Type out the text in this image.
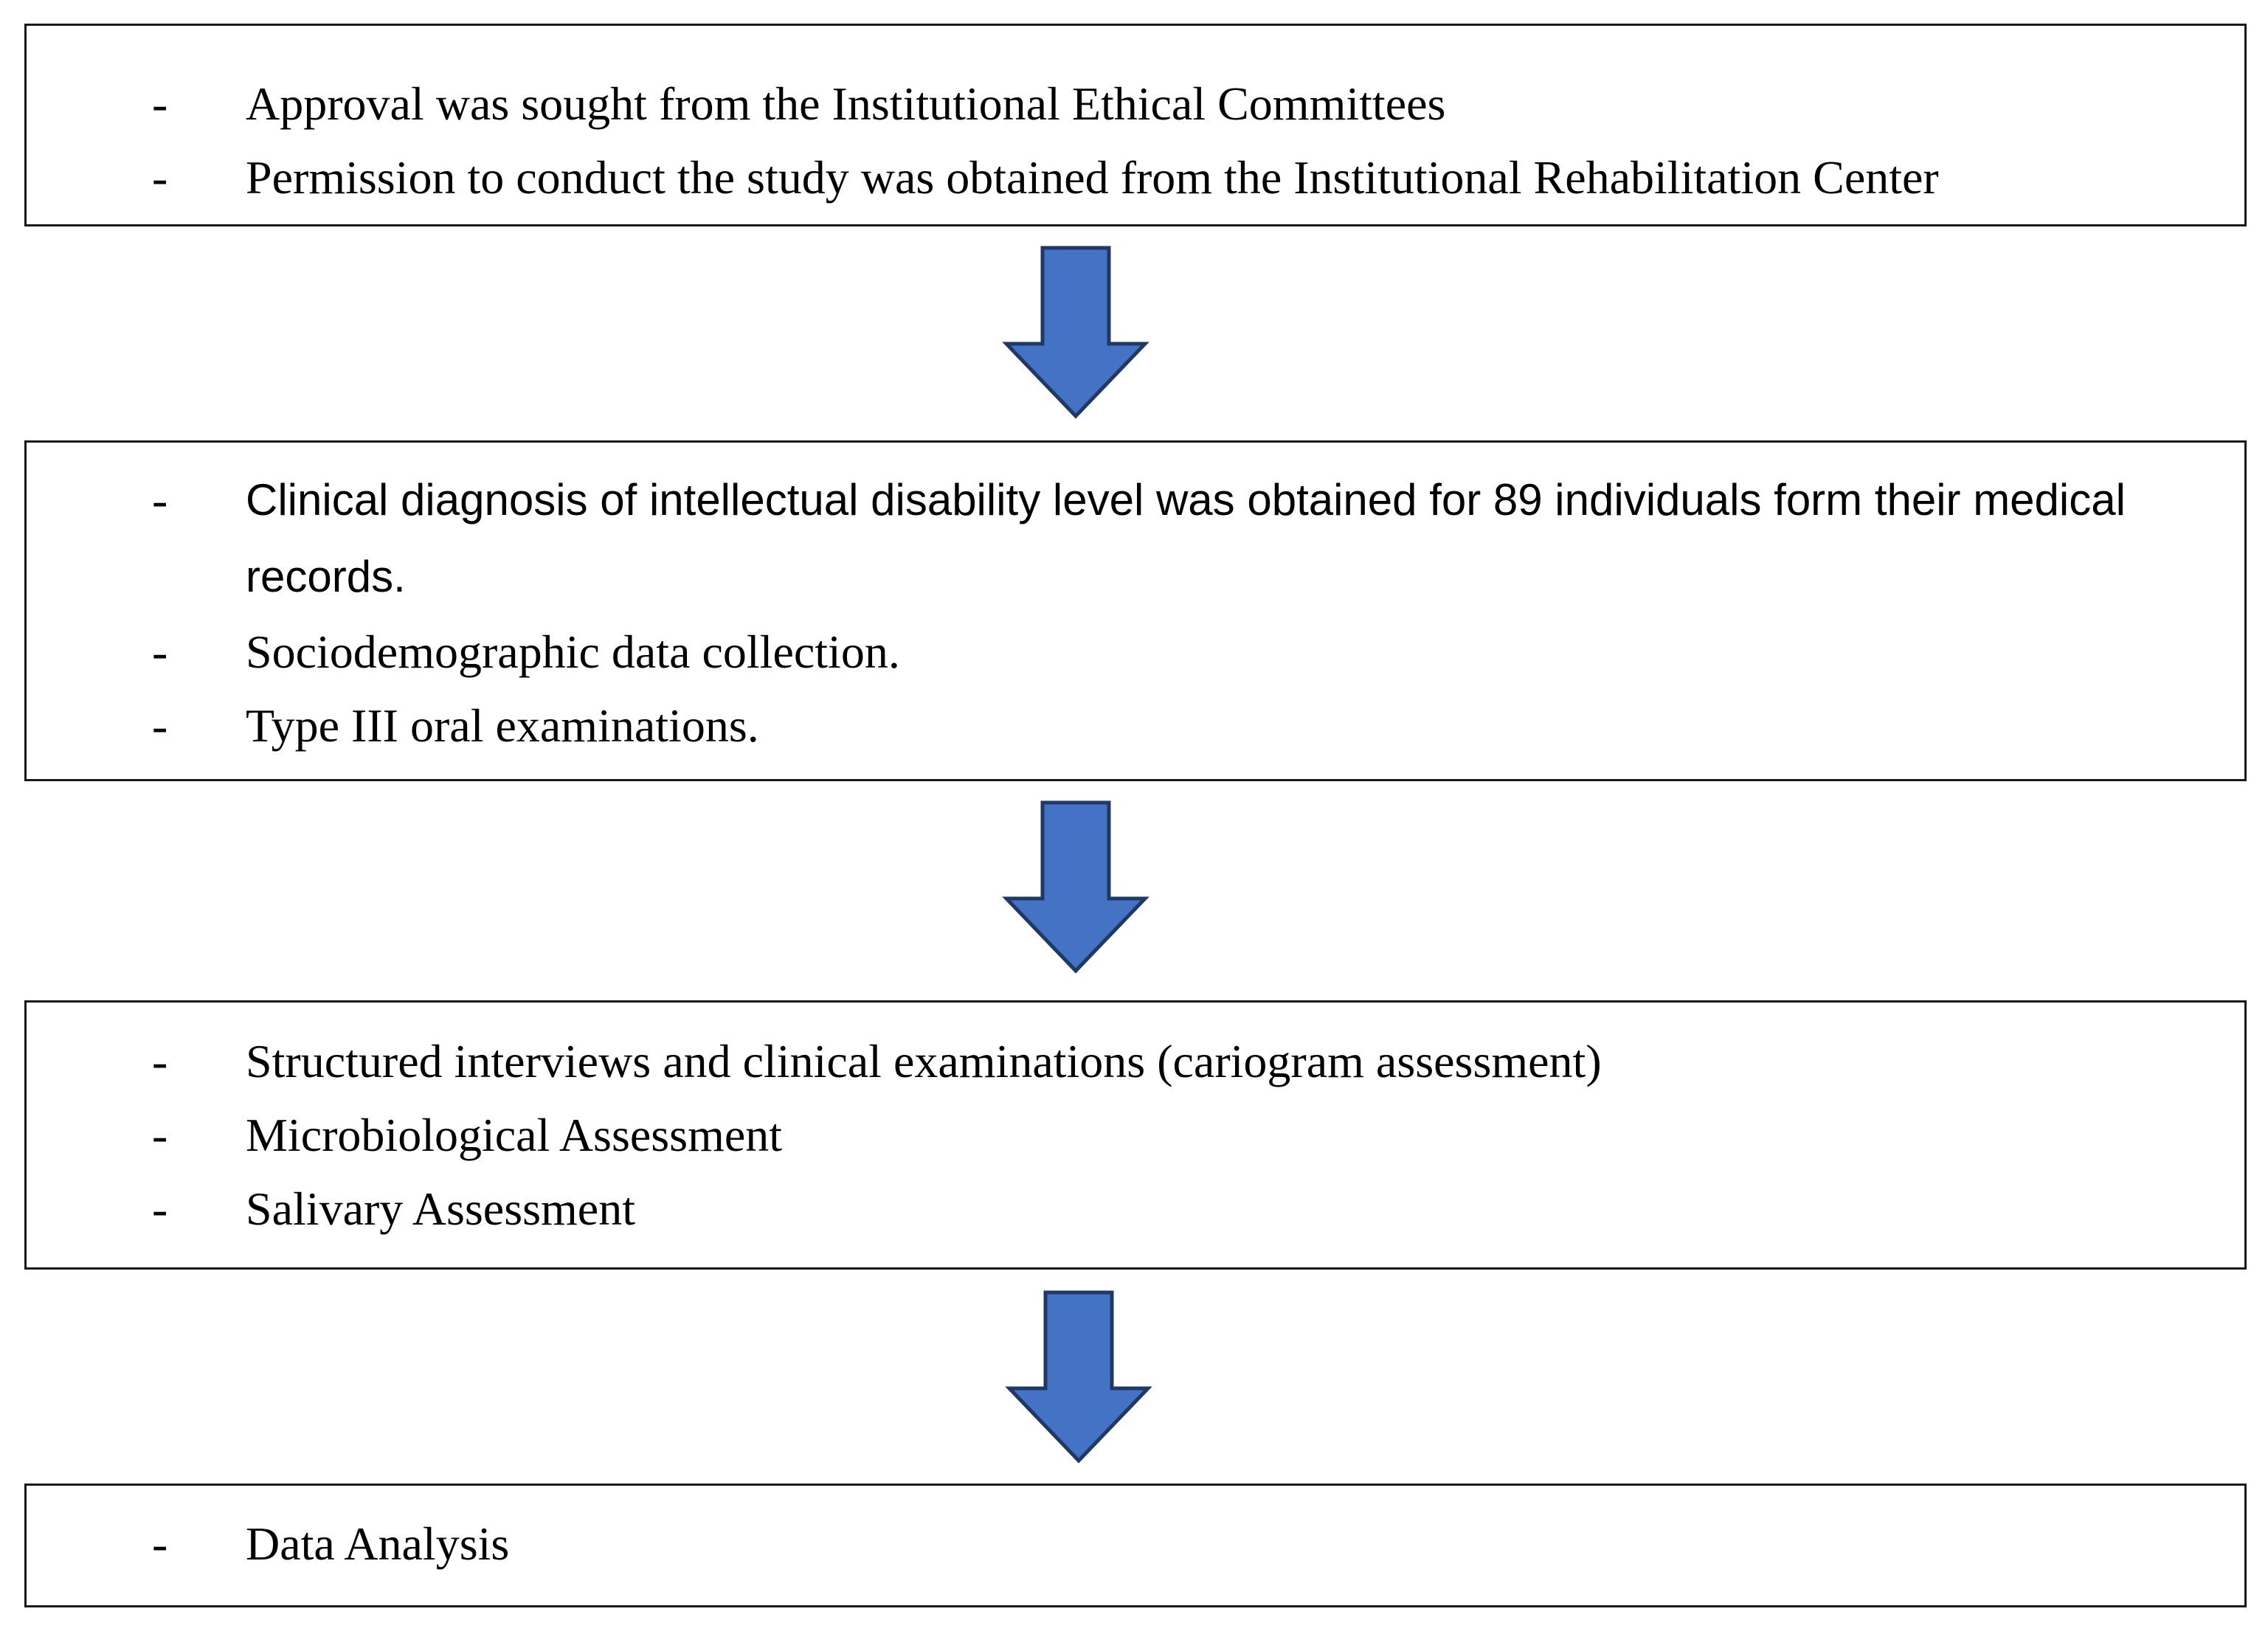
- Approval was sought from the Institutional Ethical Committees
- Permission to conduct the study was obtained from the Institutional Rehabilitation Center
- Clinical diagnosis of intellectual disability level was obtained for 89 individuals form their medical records.
- Sociodemographic data collection.
- Type III oral examinations.
- Structured interviews and clinical examinations (cariogram assessment)
- Microbiological Assessment
- Salivary Assessment
- Data Analysis
